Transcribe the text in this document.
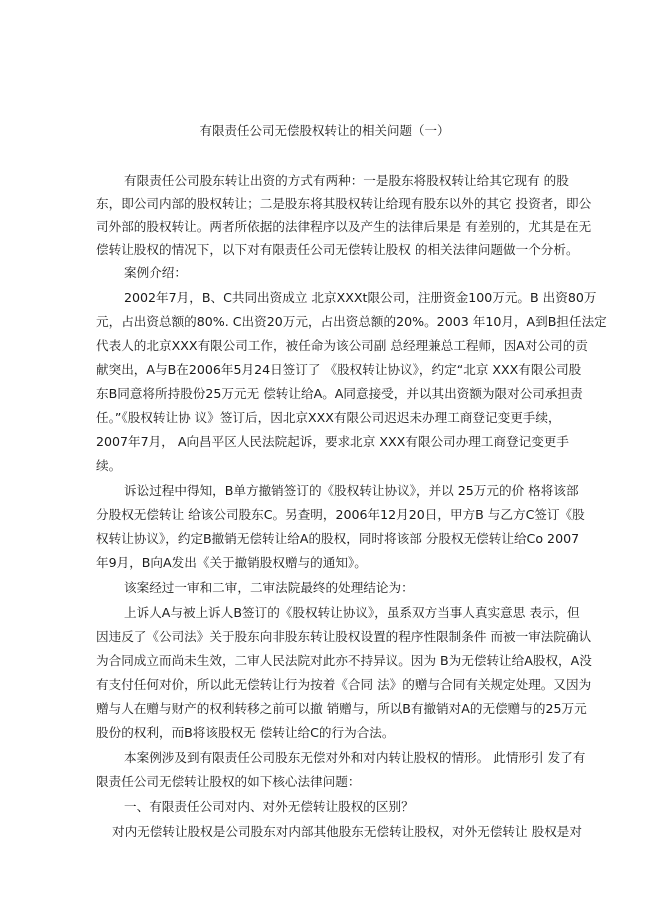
有限责任公司无偿股权转让的相关问题（一）
有限责任公司股东转让出资的方式有两种：一是股东将股权转让给其它现有 的股
东，即公司内部的股权转让；二是股东将其股权转让给现有股东以外的其它 投资者，即公
司外部的股权转让。两者所依据的法律程序以及产生的法律后果是 有差别的，尤其是在无
偿转让股权的情况下，以下对有限责任公司无偿转让股权 的相关法律问题做一个分析。
案例介绍：
2002年7月，B、C共同出资成立 北京XXXt限公司，注册资金100万元。B 出资80万
元，占出资总额的80%. C出资20万元，占出资总额的20%。2003 年10月，A到B担任法定
代表人的北京XXX有限公司工作，被任命为该公司副 总经理兼总工程师，因A对公司的贡
献突出，A与B在2006年5月24日签订了 《股权转让协议》，约定“北京 XXX有限公司股
东B同意将所持股份25万元无 偿转让给A。A同意接受，并以其出资额为限对公司承担责
任。”《股权转让协 议》签订后，因北京XXX有限公司迟迟未办理工商登记变更手续，
2007年7月， A向昌平区人民法院起诉，要求北京 XXX有限公司办理工商登记变更手
续。
诉讼过程中得知，B单方撤销签订的《股权转让协议》，并以 25万元的价 格将该部
分股权无偿转让 给该公司股东C。另查明，2006年12月20日，甲方B 与乙方C签订《股
权转让协议》，约定B撤销无偿转让给A的股权，同时将该部 分股权无偿转让给Co 2007
年9月，B向A发出《关于撤销股权赠与的通知》。
该案经过一审和二审，二审法院最终的处理结论为：
上诉人A与被上诉人B签订的《股权转让协议》，虽系双方当事人真实意思 表示，但
因违反了《公司法》关于股东向非股东转让股权设置的程序性限制条件 而被一审法院确认
为合同成立而尚未生效，二审人民法院对此亦不持异议。因为 B为无偿转让给A股权，A没
有支付任何对价，所以此无偿转让行为按着《合同 法》的赠与合同有关规定处理。又因为
赠与人在赠与财产的权利转移之前可以撤 销赠与，所以B有撤销对A的无偿赠与的25万元
股份的权利，而B将该股权无 偿转让给C的行为合法。
本案例涉及到有限责任公司股东无偿对外和对内转让股权的情形。 此情形引 发了有
限责任公司无偿转让股权的如下核心法律问题：
一、有限责任公司对内、对外无偿转让股权的区别？
对内无偿转让股权是公司股东对内部其他股东无偿转让股权，对外无偿转让 股权是对
